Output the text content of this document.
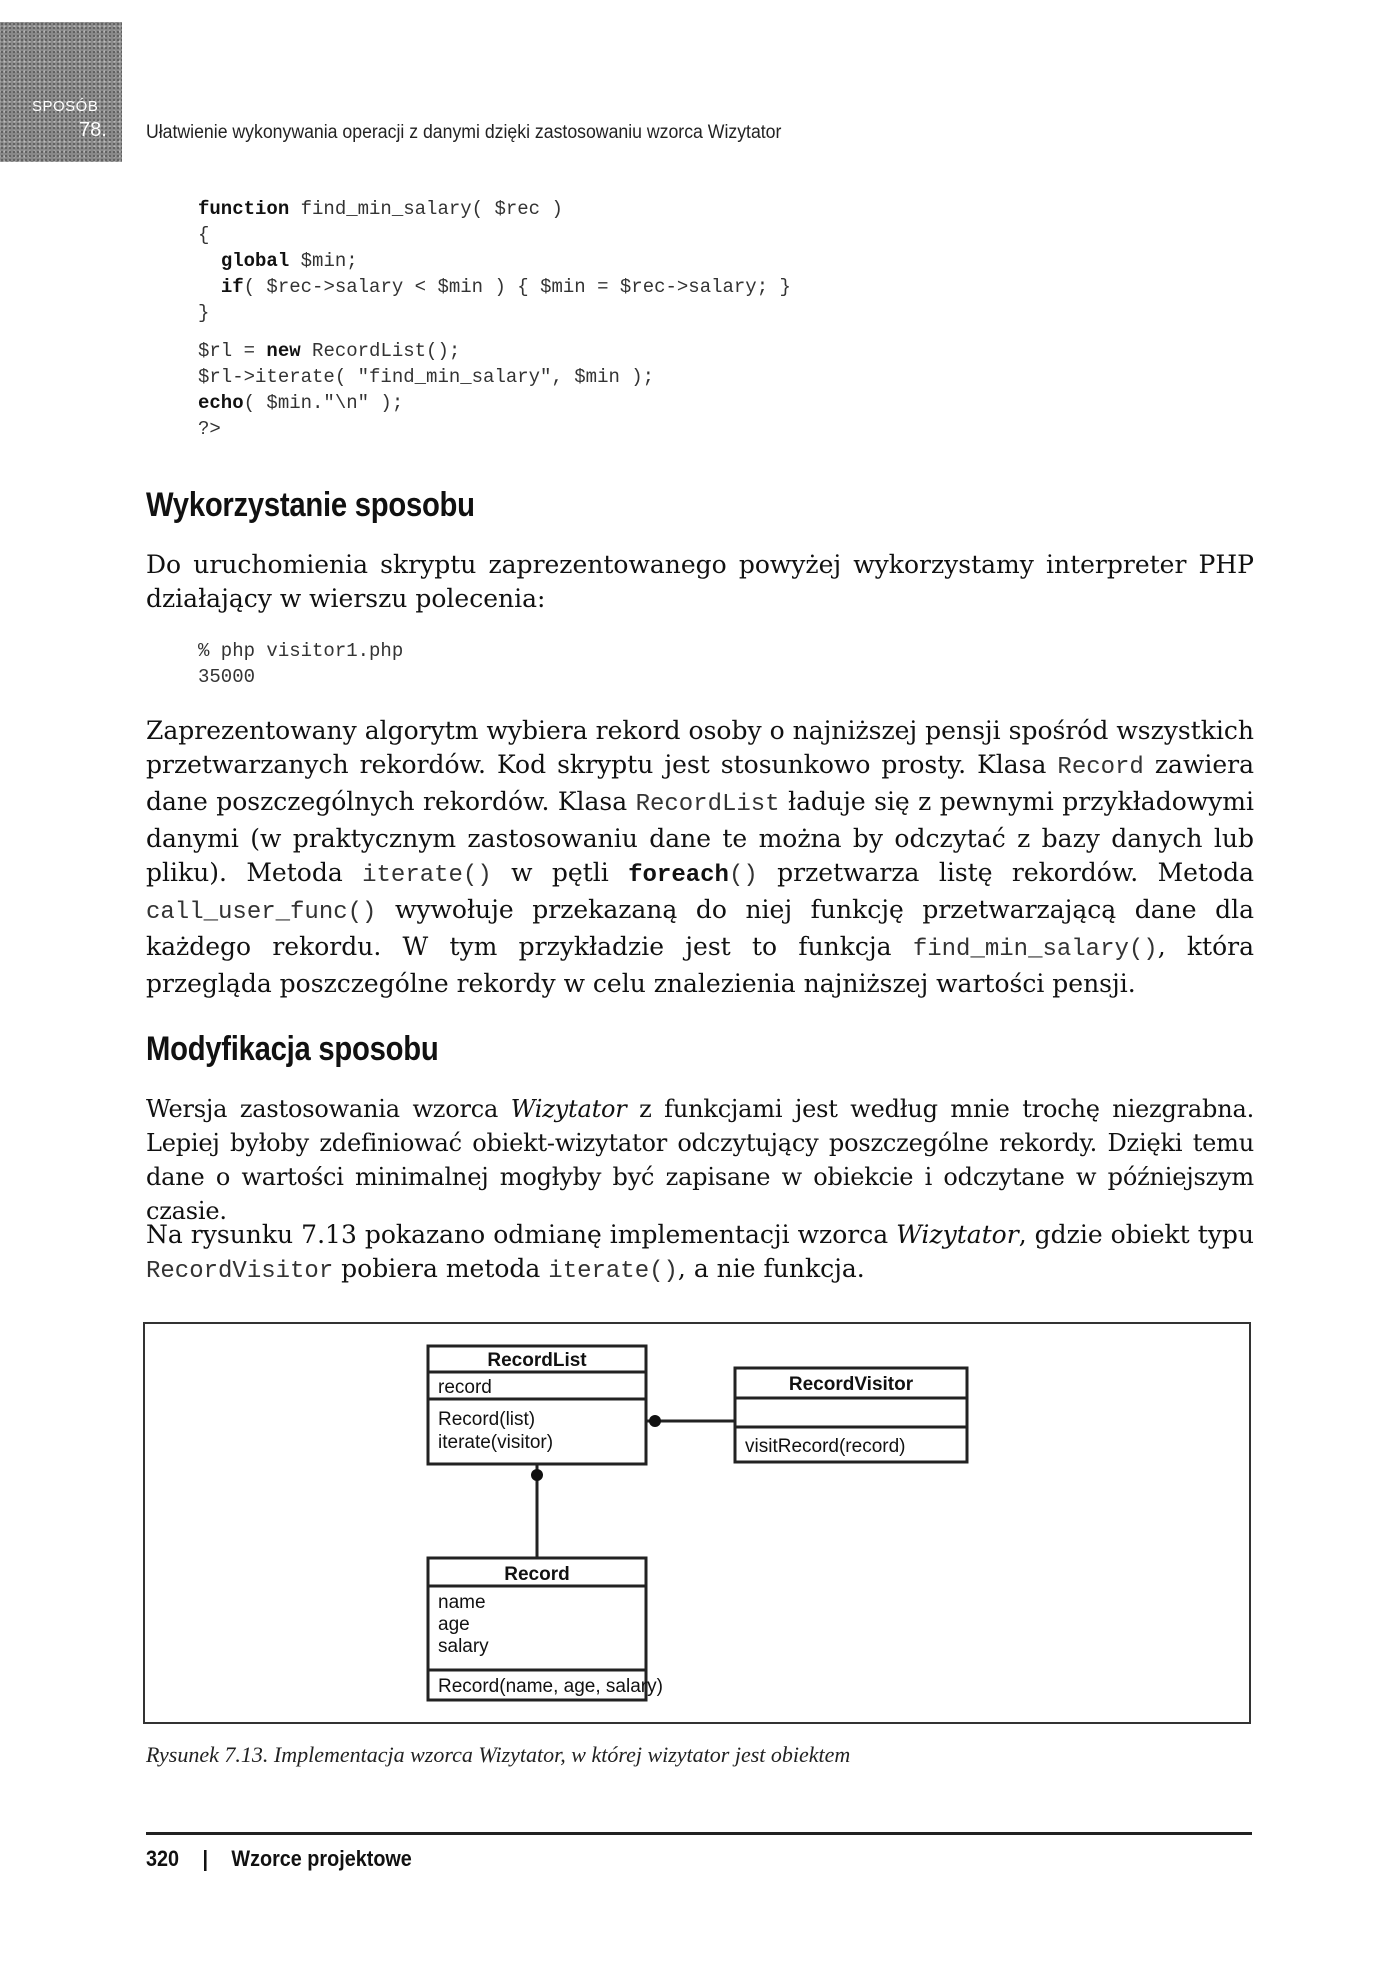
SPOSÓB
78. Ułatwienie wykonywania operacji z danymi dzięki zastosowaniu wzorca Wizytator
function find_min_salary( $rec )
{
global $min;
if( $rec->salary < $min ) { $min = $rec->salary; }
}
$rl = new RecordList();
$rl->iterate( "find_min_salary", $min );
echo( $min."\n" );
?>
Wykorzystanie sposobu

Do uruchomienia skryptu zaprezentowanego powyżej wykorzystamy interpreter PHP działający w wierszu polecenia:

% php visitor1.php
35000

Zaprezentowany algorytm wybiera rekord osoby o najniższej pensji spośród wszystkich przetwarzanych rekordów. Kod skryptu jest stosunkowo prosty. Klasa Record zawiera dane poszczególnych rekordów. Klasa RecordList ładuje się z pewnymi przykładowymi danymi (w praktycznym zastosowaniu dane te można by odczytać z bazy danych lub pliku). Metoda iterate() w pętli foreach() przetwarza listę rekordów. Metoda call_user_func() wywołuje przekazaną do niej funkcję przetwarzającą dane dla każdego rekordu. W tym przykładzie jest to funkcja find_min_salary(), która przegląda poszczególne rekordy w celu znalezienia najniższej wartości pensji.

Modyfikacja sposobu

Wersja zastosowania wzorca Wizytator z funkcjami jest według mnie trochę niezgrabna. Lepiej byłoby zdefiniować obiekt-wizytator odczytujący poszczególne rekordy. Dzięki temu dane o wartości minimalnej mogłyby być zapisane w obiekcie i odczytane w późniejszym czasie.

Na rysunku 7.13 pokazano odmianę implementacji wzorca Wizytator, gdzie obiekt typu RecordVisitor pobiera metoda iterate(), a nie funkcja.

RecordList
record
Record(list)
iterate(visitor)
RecordVisitor
visitRecord(record)
Record
name
age
salary
Record(name, age, salary)
Rysunek 7.13. Implementacja wzorca Wizytator, w której wizytator jest obiektem
320 | Wzorce projektowe
